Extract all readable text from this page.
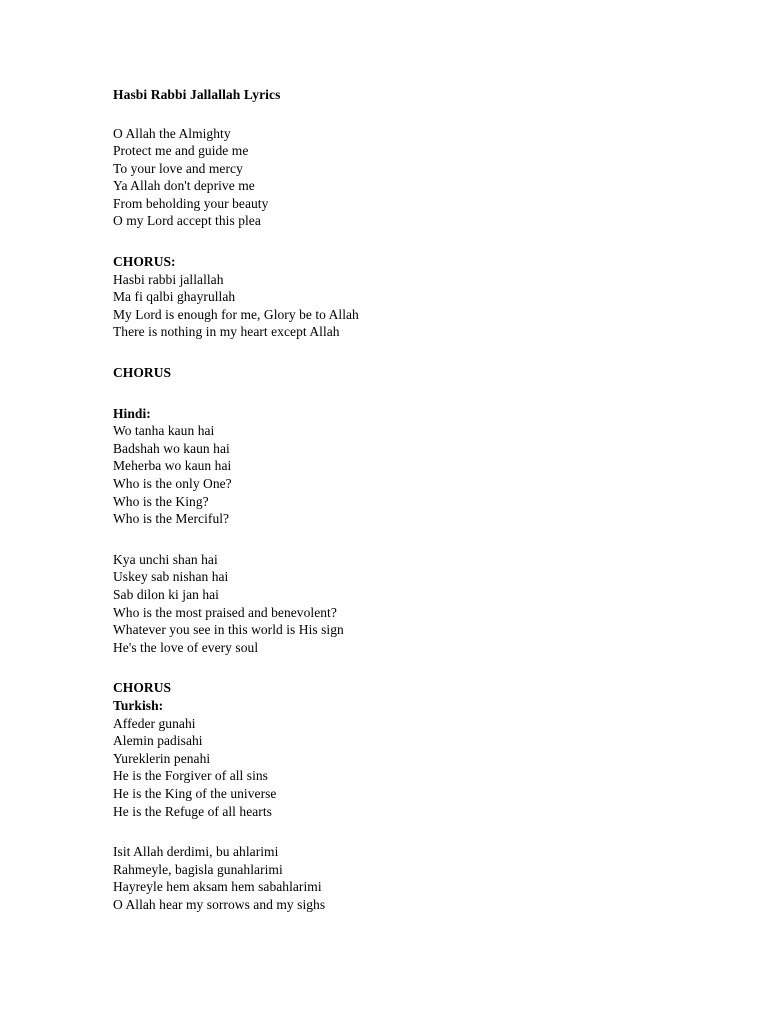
Hasbi Rabbi Jallallah Lyrics

O Allah the Almighty

Protect me and guide me

To your love and mercy

Ya Allah don't deprive me

From beholding your beauty

O my Lord accept this plea

CHORUS:

Hasbi rabbi jallallah

Ma fi qalbi ghayrullah

My Lord is enough for me, Glory be to Allah

There is nothing in my heart except Allah

CHORUS

Hindi:

Wo tanha kaun hai

Badshah wo kaun hai

Meherba wo kaun hai

Who is the only One?

Who is the King?

Who is the Merciful?

Kya unchi shan hai

Uskey sab nishan hai

Sab dilon ki jan hai

Who is the most praised and benevolent?

Whatever you see in this world is His sign

He's the love of every soul

CHORUS

Turkish:

Affeder gunahi

Alemin padisahi

Yureklerin penahi

He is the Forgiver of all sins

He is the King of the universe

He is the Refuge of all hearts

Isit Allah derdimi, bu ahlarimi

Rahmeyle, bagisla gunahlarimi

Hayreyle hem aksam hem sabahlarimi

O Allah hear my sorrows and my sighs
